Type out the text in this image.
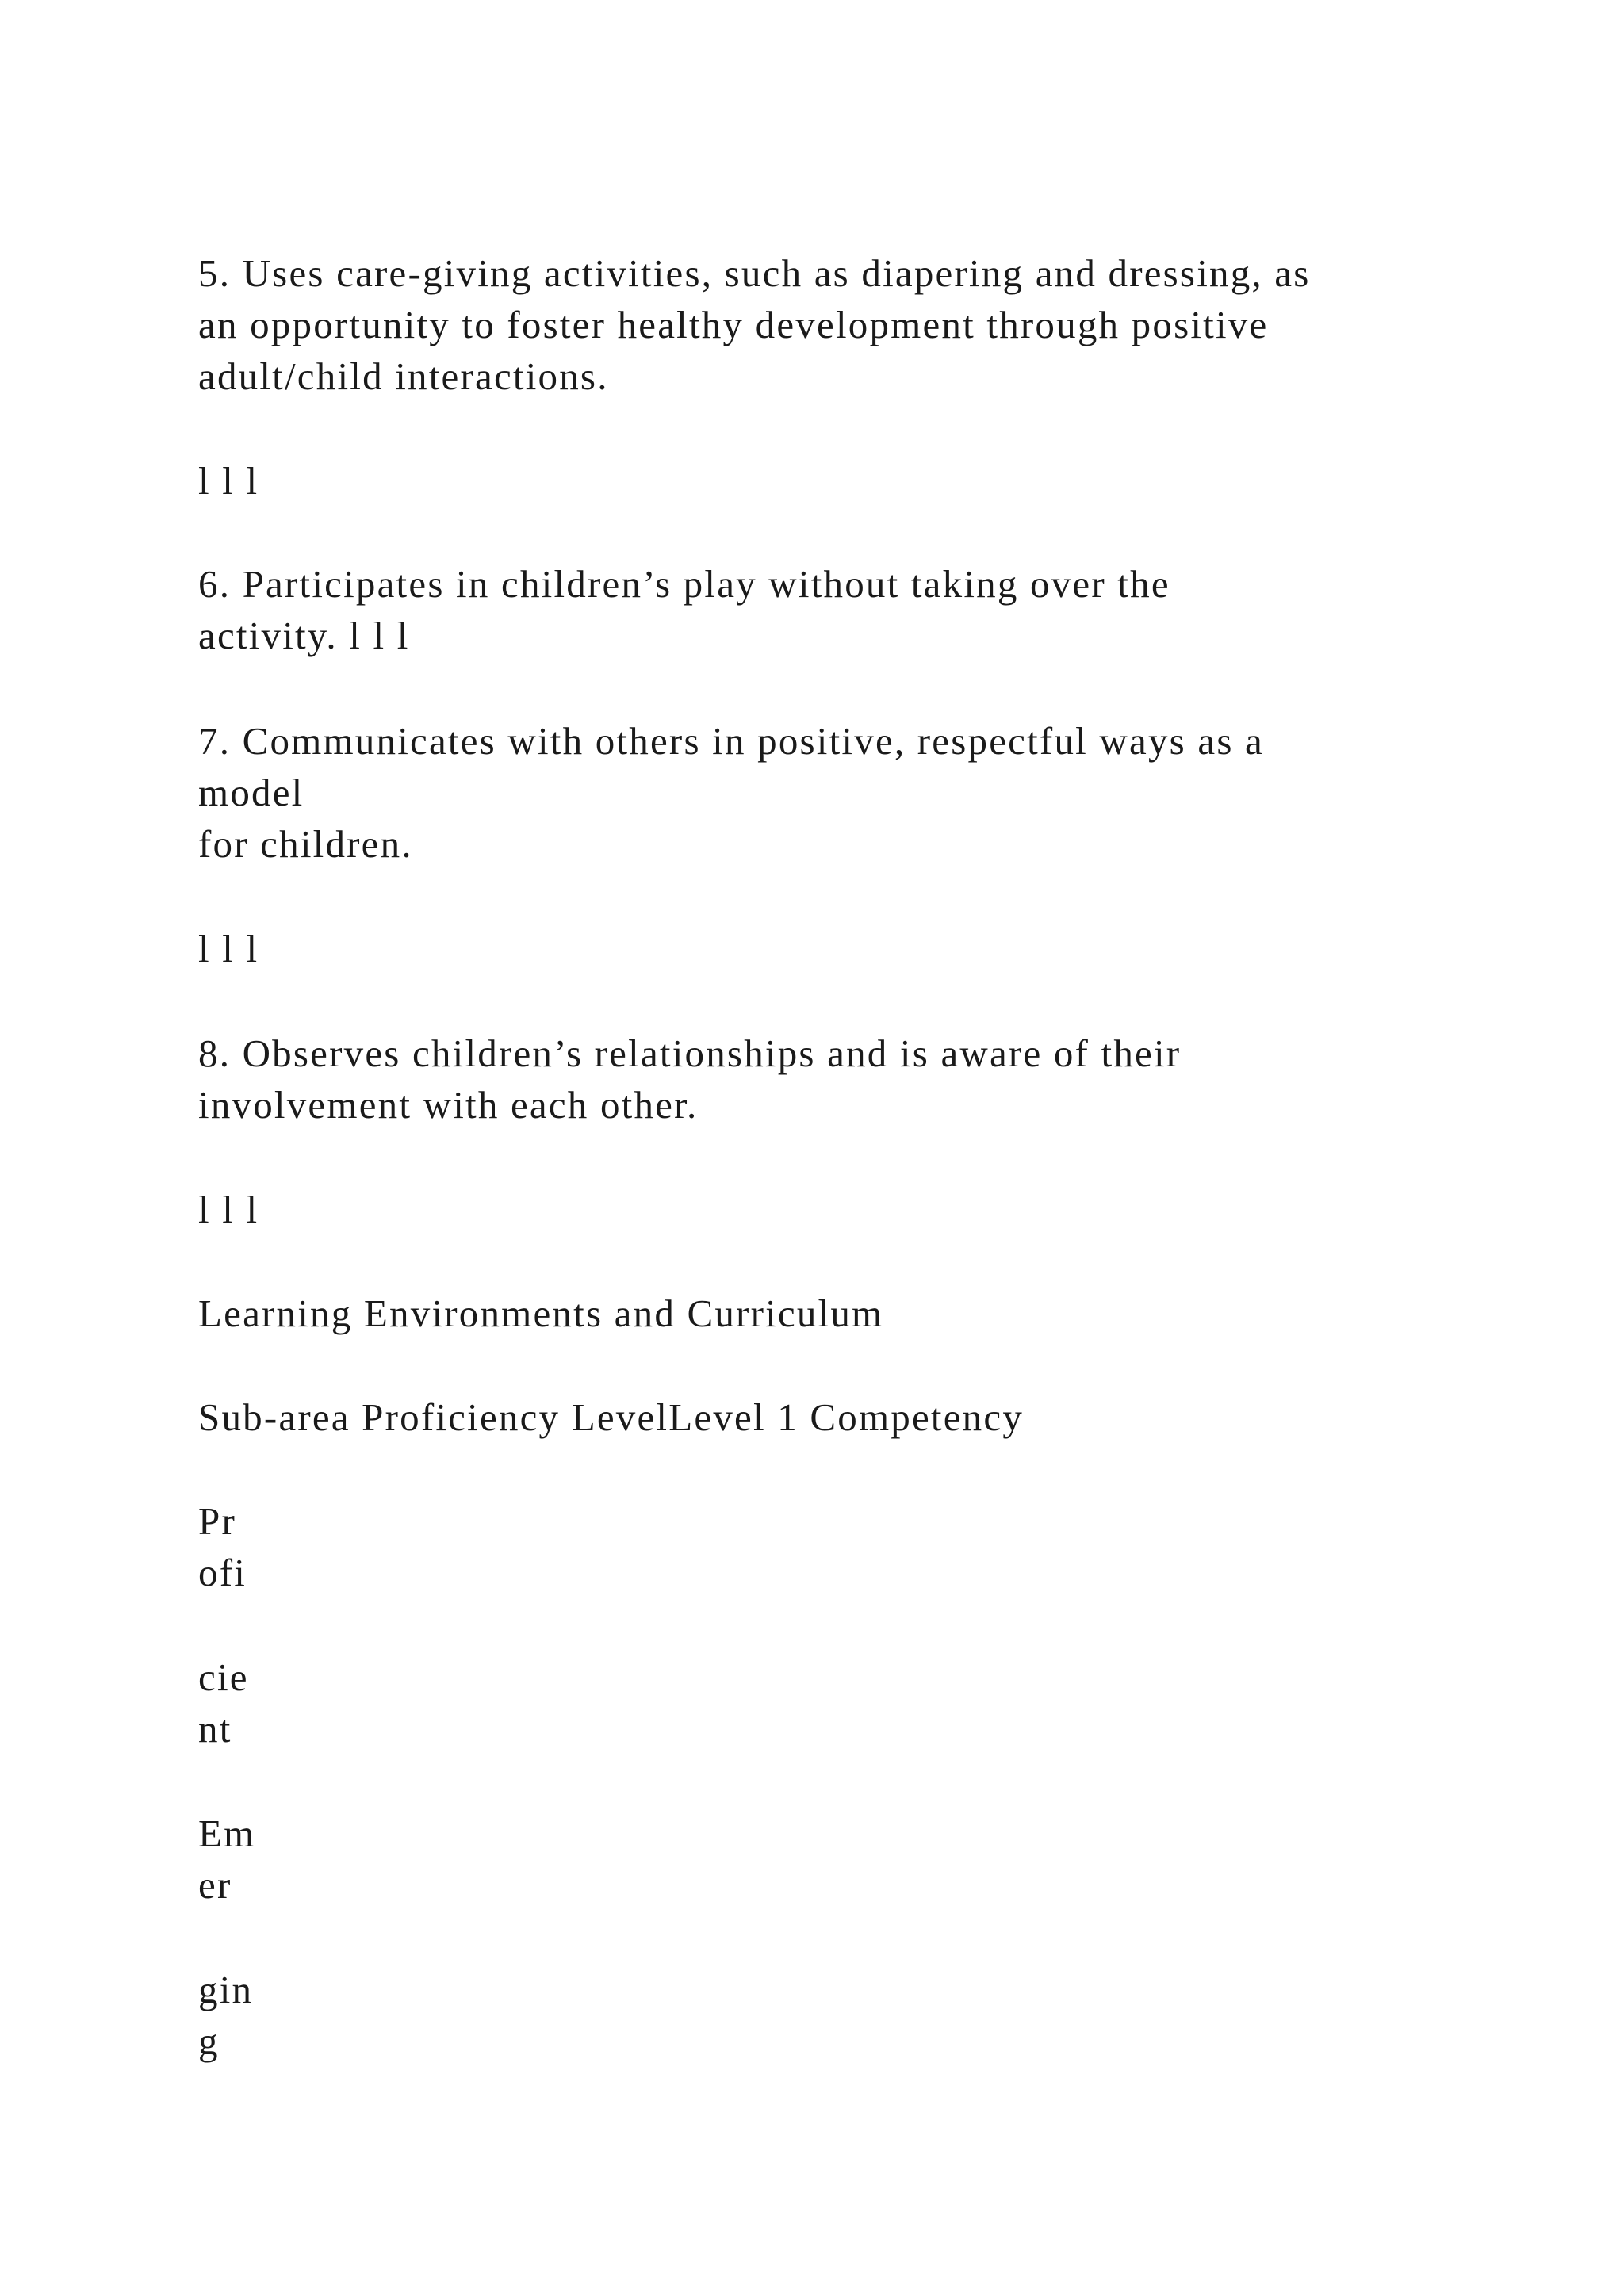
5. Uses care-giving activities, such as diapering and dressing, as
an opportunity to foster healthy development through positive
adult/child interactions.

l l l

6. Participates in children’s play without taking over the
activity. l l l

7. Communicates with others in positive, respectful ways as a
model
for children.

l l l

8. Observes children’s relationships and is aware of their
involvement with each other.

l l l

Learning Environments and Curriculum

Sub-area Proficiency LevelLevel 1 Competency

Pr
ofi

cie
nt

Em
er

gin
g
